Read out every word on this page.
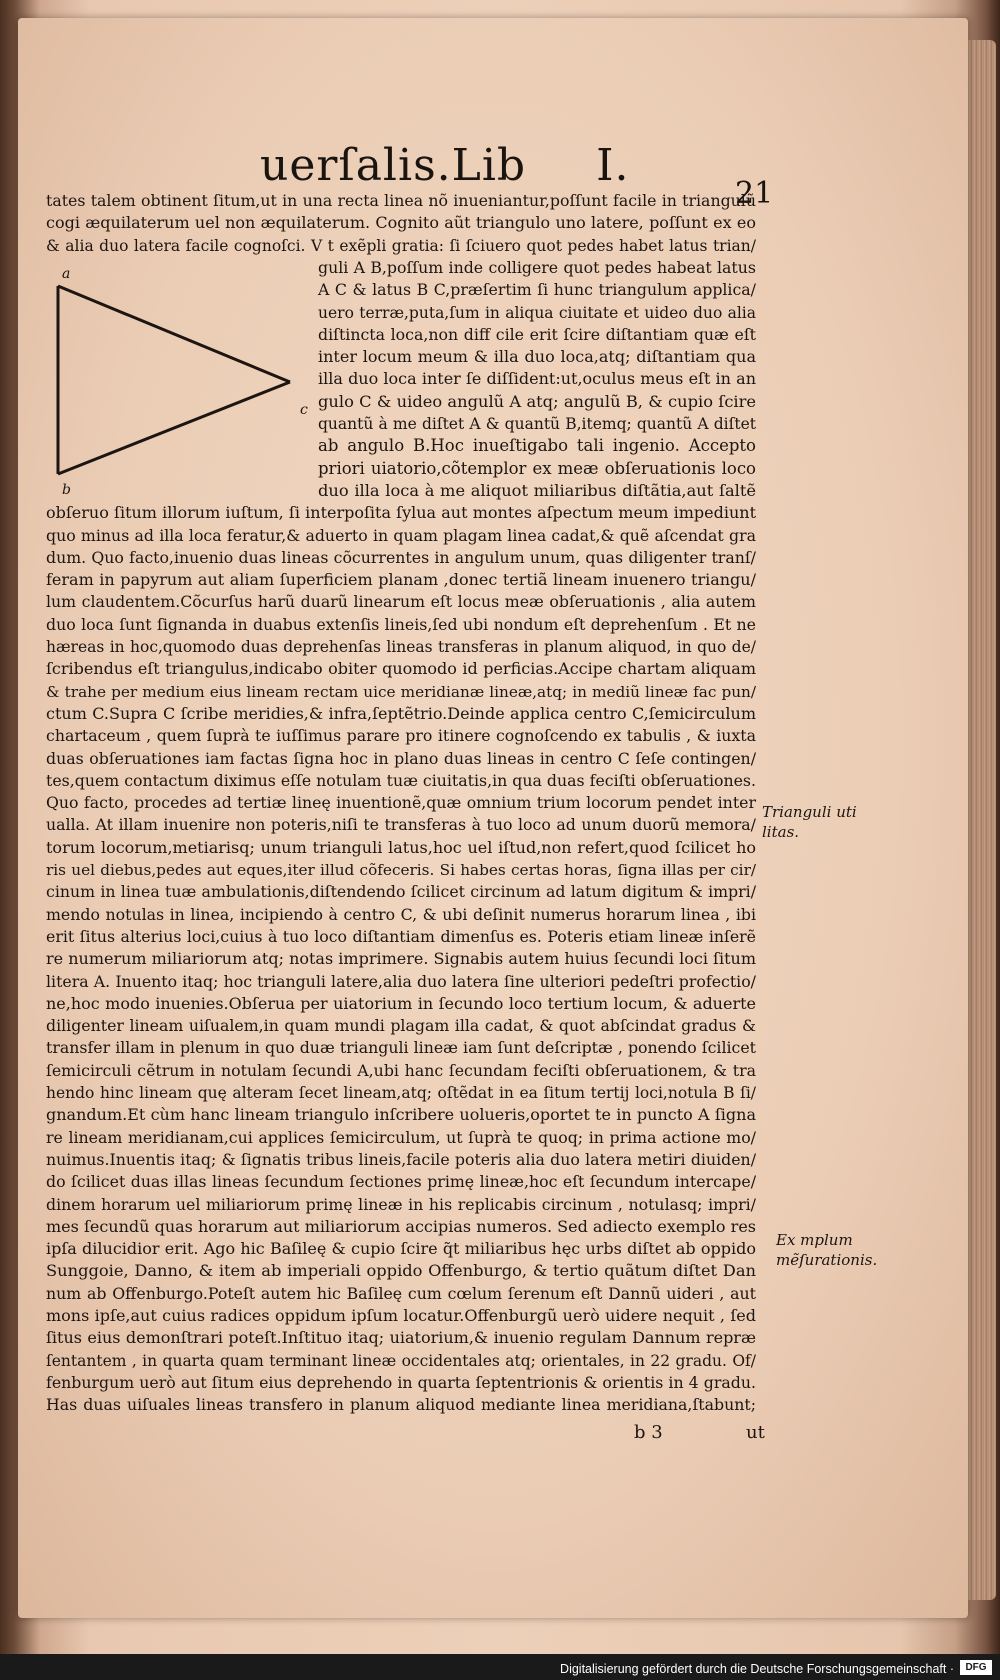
uerſalis.Lib I.
21
a
b
c
tates talem obtinent ſitum,ut in una recta linea nõ inueniantur,poſſunt facile in triangulũ
cogi æquilaterum uel non æquilaterum. Cognito aũt triangulo uno latere, poſſunt ex eo
& alia duo latera facile cognoſci. V t exẽpli gratia: ſi ſciuero quot pedes habet latus trian/
guli A B,poſſum inde colligere quot pedes habeat latus
A C & latus B C,præſertim ſi hunc triangulum applica/
uero terræ,puta,ſum in aliqua ciuitate et uideo duo alia
diſtincta loca,non diff cile erit ſcire diſtantiam quæ eſt
inter locum meum & illa duo loca,atq; diſtantiam qua
illa duo loca inter ſe diſſident:ut,oculus meus eſt in an
gulo C & uideo angulũ A atq; angulũ B, & cupio ſcire
quantũ à me diſtet A & quantũ B,itemq; quantũ A diſtet
ab angulo B.Hoc inueſtigabo tali ingenio. Accepto
priori uiatorio,cõtemplor ex meæ obſeruationis loco
duo illa loca à me aliquot miliaribus diſtãtia,aut ſaltẽ
obſeruo ſitum illorum iuſtum, ſi interpoſita ſylua aut montes aſpectum meum impediunt
quo minus ad illa loca feratur,& aduerto in quam plagam linea cadat,& quẽ aſcendat gra
dum. Quo facto,inuenio duas lineas cõcurrentes in angulum unum, quas diligenter tranſ/
feram in papyrum aut aliam ſuperficiem planam ,donec tertiã lineam inuenero triangu/
lum claudentem.Cõcurſus harũ duarũ linearum eſt locus meæ obſeruationis , alia autem
duo loca ſunt ſignanda in duabus extenſis lineis,ſed ubi nondum eſt deprehenſum . Et ne
hæreas in hoc,quomodo duas deprehenſas lineas transferas in planum aliquod, in quo de/
ſcribendus eſt triangulus,indicabo obiter quomodo id perficias.Accipe chartam aliquam
& trahe per medium eius lineam rectam uice meridianæ lineæ,atq; in mediũ lineæ fac pun/
ctum C.Supra C ſcribe meridies,& infra,ſeptẽtrio.Deinde applica centro C,ſemicirculum
chartaceum , quem ſuprà te iuſſimus parare pro itinere cognoſcendo ex tabulis , & iuxta
duas obſeruationes iam factas ſigna hoc in plano duas lineas in centro C ſeſe contingen/
tes,quem contactum diximus eſſe notulam tuæ ciuitatis,in qua duas feciſti obſeruationes.
Quo facto, procedes ad tertiæ lineę inuentionẽ,quæ omnium trium locorum pendet inter
ualla. At illam inuenire non poteris,niſi te transferas à tuo loco ad unum duorũ memora/
torum locorum,metiarisq; unum trianguli latus,hoc uel iſtud,non refert,quod ſcilicet ho
ris uel diebus,pedes aut eques,iter illud cõfeceris. Si habes certas horas, ſigna illas per cir/
cinum in linea tuæ ambulationis,diſtendendo ſcilicet circinum ad latum digitum & impri/
mendo notulas in linea, incipiendo à centro C, & ubi deſinit numerus horarum linea , ibi
erit ſitus alterius loci,cuius à tuo loco diſtantiam dimenſus es. Poteris etiam lineæ inſerẽ
re numerum miliariorum atq; notas imprimere. Signabis autem huius ſecundi loci ſitum
litera A. Inuento itaq; hoc trianguli latere,alia duo latera ſine ulteriori pedeſtri profectio/
ne,hoc modo inuenies.Obſerua per uiatorium in ſecundo loco tertium locum, & aduerte
diligenter lineam uiſualem,in quam mundi plagam illa cadat, & quot abſcindat gradus &
transfer illam in plenum in quo duæ trianguli lineæ iam ſunt deſcriptæ , ponendo ſcilicet
ſemicirculi cẽtrum in notulam ſecundi A,ubi hanc ſecundam feciſti obſeruationem, & tra
hendo hinc lineam quę alteram ſecet lineam,atq; oſtẽdat in ea ſitum tertij loci,notula B ſi/
gnandum.Et cùm hanc lineam triangulo inſcribere uolueris,oportet te in puncto A ſigna
re lineam meridianam,cui applices ſemicirculum, ut ſuprà te quoq; in prima actione mo/
nuimus.Inuentis itaq; & ſignatis tribus lineis,facile poteris alia duo latera metiri diuiden/
do ſcilicet duas illas lineas ſecundum ſectiones primę lineæ,hoc eſt ſecundum intercape/
dinem horarum uel miliariorum primę lineæ in his replicabis circinum , notulasq; impri/
mes ſecundũ quas horarum aut miliariorum accipias numeros. Sed adiecto exemplo res
ipſa dilucidior erit. Ago hic Baſileę & cupio ſcire q̃t miliaribus hęc urbs diſtet ab oppido
Sunggoie, Danno, & item ab imperiali oppido Offenburgo, & tertio quãtum diſtet Dan
num ab Offenburgo.Poteſt autem hic Baſileę cum cœlum ſerenum eſt Dannũ uideri , aut
mons ipſe,aut cuius radices oppidum ipſum locatur.Offenburgũ uerò uidere nequit , ſed
ſitus eius demonſtrari poteſt.Inſtituo itaq; uiatorium,& inuenio regulam Dannum repræ
ſentantem , in quarta quam terminant lineæ occidentales atq; orientales, in 22 gradu. Of/
fenburgum uerò aut ſitum eius deprehendo in quarta ſeptentrionis & orientis in 4 gradu.
Has duas uiſuales lineas transfero in planum aliquod mediante linea meridiana,ſtabunt;
Trianguli uti
litas.
Ex mplum
mẽſurationis.
b 3	ut
Digitalisierung gefördert durch die Deutsche Forschungsgemeinschaft ·	DFG
